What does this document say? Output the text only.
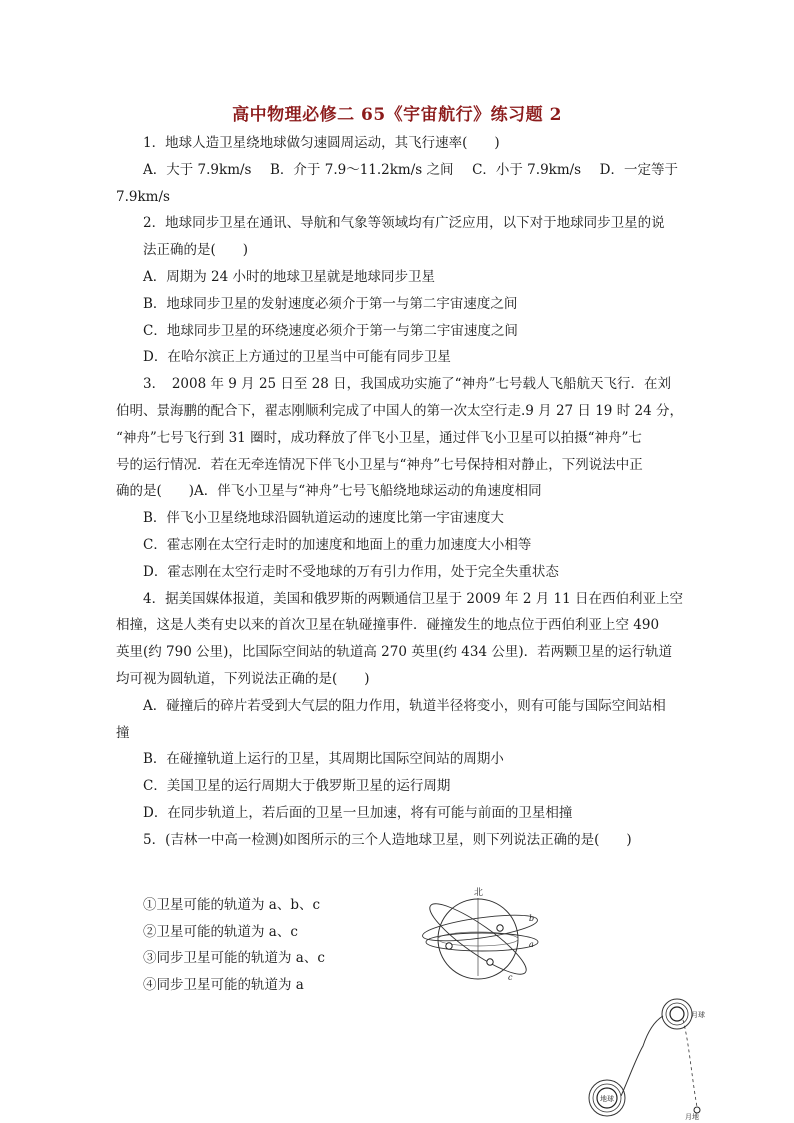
高中物理必修二 65《宇宙航行》练习题 2
1．地球人造卫星绕地球做匀速圆周运动，其飞行速率(　　)
A．大于 7.9km/s B．介于 7.9～11.2km/s 之间 C．小于 7.9km/s D．一定等于
7.9km/s
2．地球同步卫星在通讯、导航和气象等领域均有广泛应用，以下对于地球同步卫星的说
法正确的是(　　)
A．周期为 24 小时的地球卫星就是地球同步卫星
B．地球同步卫星的发射速度必须介于第一与第二宇宙速度之间
C．地球同步卫星的环绕速度必须介于第一与第二宇宙速度之间
D．在哈尔滨正上方通过的卫星当中可能有同步卫星
3．　2008 年 9 月 25 日至 28 日，我国成功实施了“神舟”七号载人飞船航天飞行．在刘
伯明、景海鹏的配合下，翟志刚顺利完成了中国人的第一次太空行走.9 月 27 日 19 时 24 分，
“神舟”七号飞行到 31 圈时，成功释放了伴飞小卫星，通过伴飞小卫星可以拍摄“神舟”七
号的运行情况．若在无牵连情况下伴飞小卫星与“神舟”七号保持相对静止，下列说法中正
确的是(　　)A．伴飞小卫星与“神舟”七号飞船绕地球运动的角速度相同
B．伴飞小卫星绕地球沿圆轨道运动的速度比第一宇宙速度大
C．霍志刚在太空行走时的加速度和地面上的重力加速度大小相等
D．霍志刚在太空行走时不受地球的万有引力作用，处于完全失重状态
4．据美国媒体报道，美国和俄罗斯的两颗通信卫星于 2009 年 2 月 11 日在西伯利亚上空
相撞，这是人类有史以来的首次卫星在轨碰撞事件．碰撞发生的地点位于西伯利亚上空 490
英里(约 790 公里)，比国际空间站的轨道高 270 英里(约 434 公里)．若两颗卫星的运行轨道
均可视为圆轨道，下列说法正确的是(　　)
A．碰撞后的碎片若受到大气层的阻力作用，轨道半径将变小，则有可能与国际空间站相
撞
B．在碰撞轨道上运行的卫星，其周期比国际空间站的周期小
C．美国卫星的运行周期大于俄罗斯卫星的运行周期
D．在同步轨道上，若后面的卫星一旦加速，将有可能与前面的卫星相撞
5．(吉林一中高一检测)如图所示的三个人造地球卫星，则下列说法正确的是(　　)
①卫星可能的轨道为 a、b、c
②卫星可能的轨道为 a、c
③同步卫星可能的轨道为 a、c
④同步卫星可能的轨道为 a
北
a
b
c
地球
月球
月地
